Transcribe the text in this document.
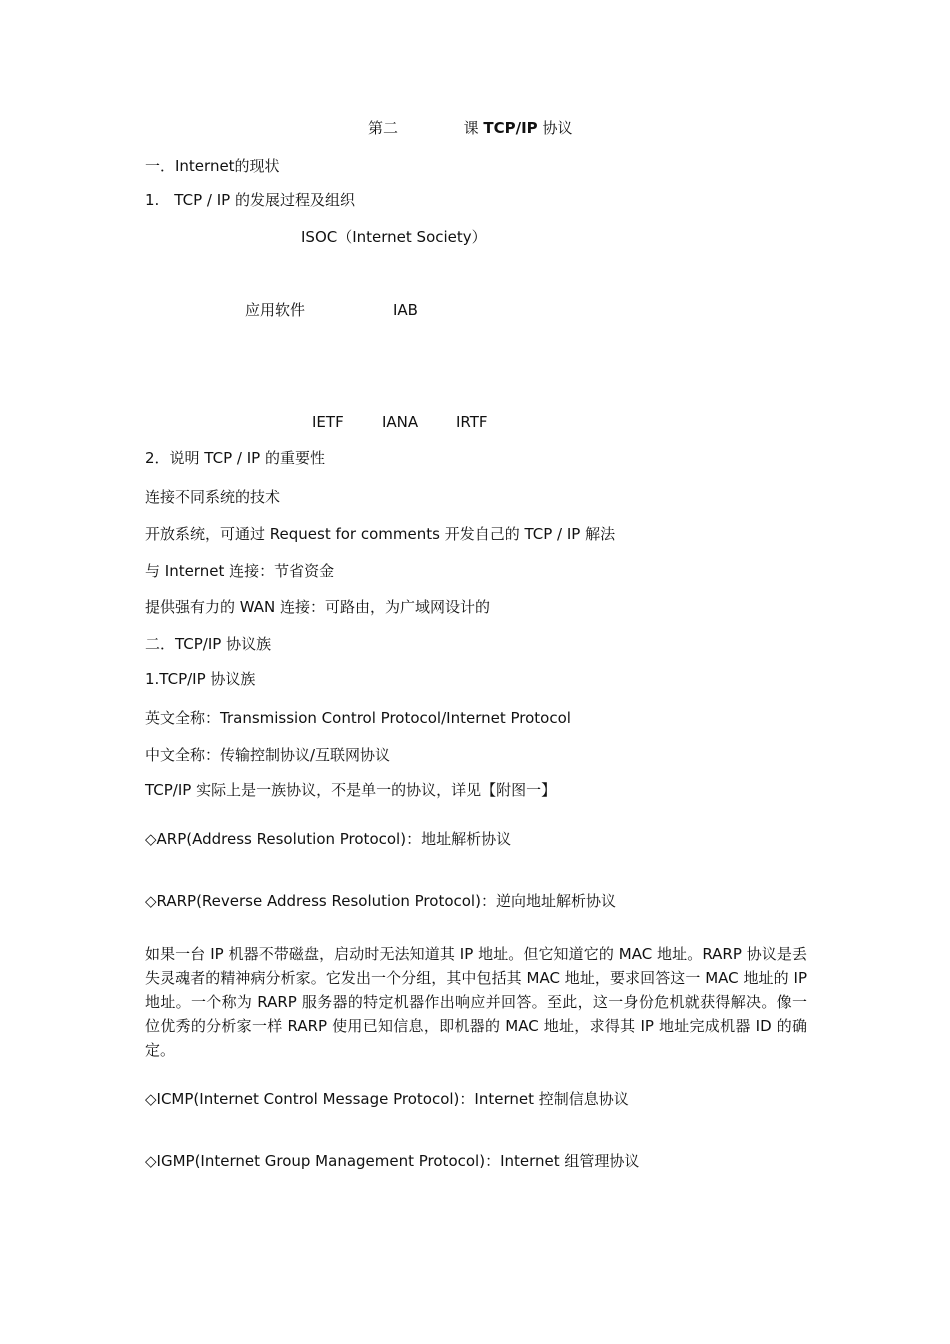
第二	课 TCP/IP 协议
一．Internet的现状
1.　TCP / IP 的发展过程及组织
ISOC（Internet Society）
应用软件	IAB
IETF	IANA	IRTF
2．说明 TCP / IP 的重要性
连接不同系统的技术
开放系统，可通过 Request for comments 开发自己的 TCP / IP 解法
与 Internet 连接：节省资金
提供强有力的 WAN 连接：可路由，为广域网设计的
二．TCP/IP 协议族
1.TCP/IP 协议族
英文全称：Transmission Control Protocol/Internet Protocol
中文全称：传输控制协议/互联网协议
TCP/IP 实际上是一族协议，不是单一的协议，详见【附图一】
◇ARP(Address Resolution Protocol)：地址解析协议
◇RARP(Reverse Address Resolution Protocol)：逆向地址解析协议
如果一台 IP 机器不带磁盘，启动时无法知道其 IP 地址。但它知道它的 MAC 地址。RARP 协议是丢失灵魂者的精神病分析家。它发出一个分组，其中包括其 MAC 地址，要求回答这一 MAC 地址的 IP 地址。一个称为 RARP 服务器的特定机器作出响应并回答。至此，这一身份危机就获得解决。像一位优秀的分析家一样 RARP 使用已知信息，即机器的 MAC 地址，求得其 IP 地址完成机器 ID 的确定。
◇ICMP(Internet Control Message Protocol)：Internet 控制信息协议
◇IGMP(Internet Group Management Protocol)：Internet 组管理协议
